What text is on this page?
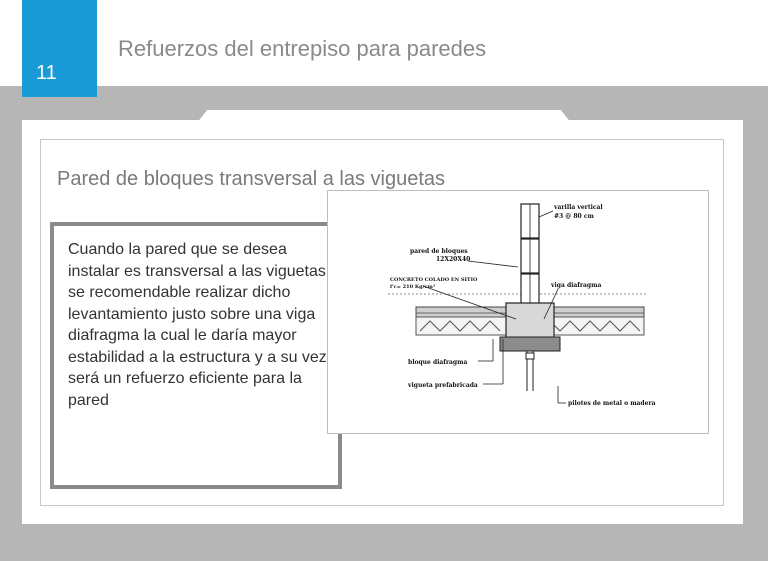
11
Refuerzos del entrepiso para paredes
Pared de bloques transversal a las viguetas
Cuando la pared que se desea instalar es transversal a las viguetas se recomendable realizar dicho levantamiento justo sobre una viga diafragma la cual le daría mayor estabilidad a la estructura y a su vez será un refuerzo eficiente para la pared
varilla vertical
#3 @ 80 cm
pared de bloques
12X20X40
CONCRETO COLADO EN SITIO
f'c= 210 Kg/cm²	viga diafragma
bloque diafragma
vigueta prefabricada
pilotes de metal o madera
